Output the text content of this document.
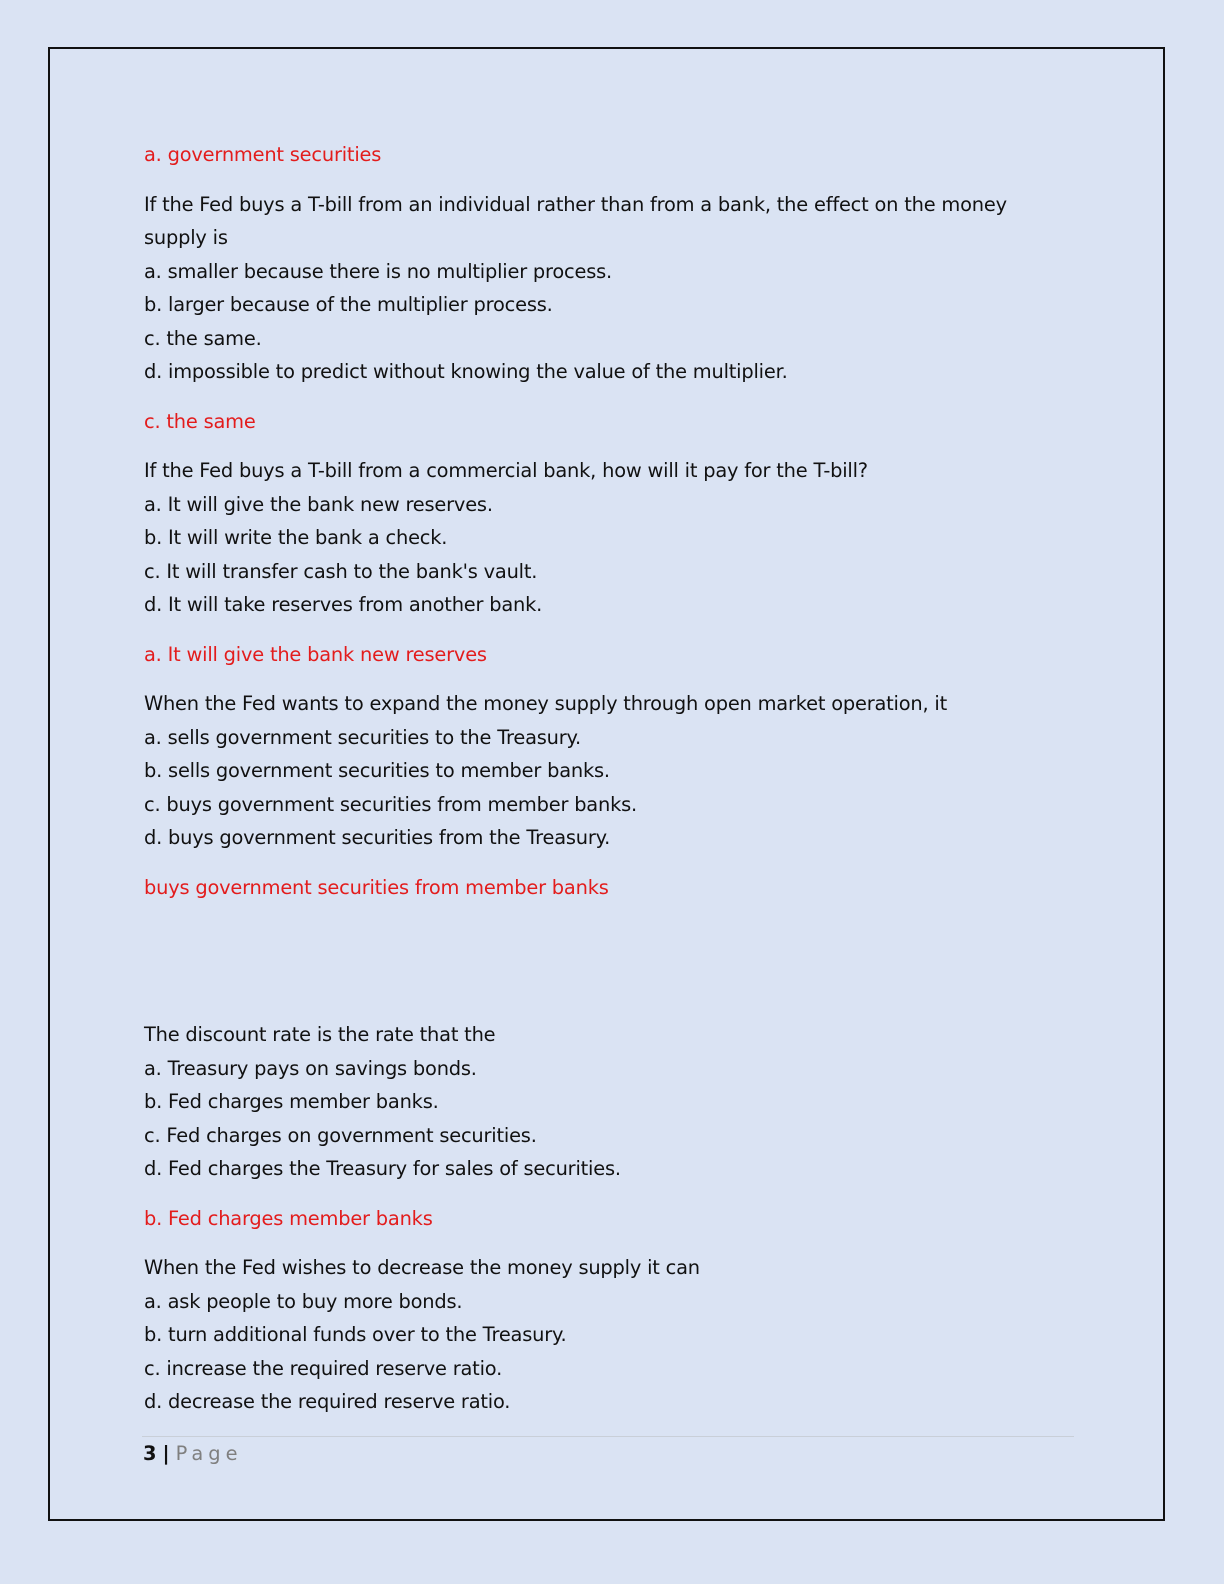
a. government securities
If the Fed buys a T-bill from an individual rather than from a bank, the effect on the money
supply is
a. smaller because there is no multiplier process.
b. larger because of the multiplier process.
c. the same.
d. impossible to predict without knowing the value of the multiplier.
c. the same
If the Fed buys a T-bill from a commercial bank, how will it pay for the T-bill?
a. It will give the bank new reserves.
b. It will write the bank a check.
c. It will transfer cash to the bank's vault.
d. It will take reserves from another bank.
a. It will give the bank new reserves
When the Fed wants to expand the money supply through open market operation, it
a. sells government securities to the Treasury.
b. sells government securities to member banks.
c. buys government securities from member banks.
d. buys government securities from the Treasury.
buys government securities from member banks
The discount rate is the rate that the
a. Treasury pays on savings bonds.
b. Fed charges member banks.
c. Fed charges on government securities.
d. Fed charges the Treasury for sales of securities.
b. Fed charges member banks
When the Fed wishes to decrease the money supply it can
a. ask people to buy more bonds.
b. turn additional funds over to the Treasury.
c. increase the required reserve ratio.
d. decrease the required reserve ratio.
3 | Page
